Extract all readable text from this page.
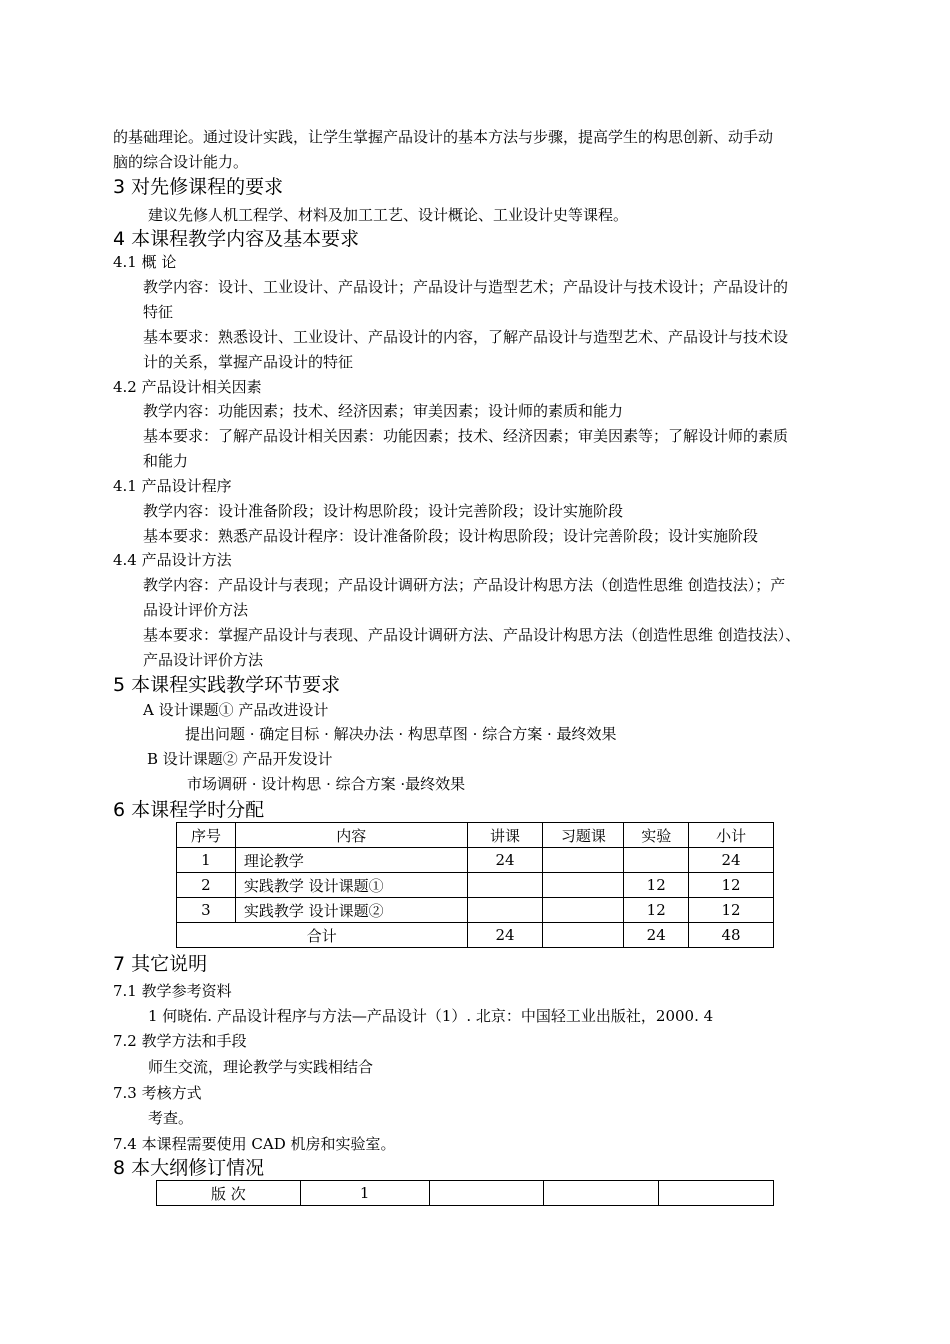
的基础理论。通过设计实践，让学生掌握产品设计的基本方法与步骤，提高学生的构思创新、动手动
脑的综合设计能力。
3 对先修课程的要求
建议先修人机工程学、材料及加工工艺、设计概论、工业设计史等课程。
4 本课程教学内容及基本要求
4.1 概 论
教学内容：设计、工业设计、产品设计；产品设计与造型艺术；产品设计与技术设计；产品设计的
特征
基本要求：熟悉设计、工业设计、产品设计的内容，了解产品设计与造型艺术、产品设计与技术设
计的关系，掌握产品设计的特征
4.2 产品设计相关因素
教学内容：功能因素；技术、经济因素；审美因素；设计师的素质和能力
基本要求：了解产品设计相关因素：功能因素；技术、经济因素；审美因素等；了解设计师的素质
和能力
4.1 产品设计程序
教学内容：设计准备阶段；设计构思阶段；设计完善阶段；设计实施阶段
基本要求：熟悉产品设计程序：设计准备阶段；设计构思阶段；设计完善阶段；设计实施阶段
4.4 产品设计方法
教学内容：产品设计与表现；产品设计调研方法；产品设计构思方法（创造性思维 创造技法）；产
品设计评价方法
基本要求：掌握产品设计与表现、产品设计调研方法、产品设计构思方法（创造性思维 创造技法）、
产品设计评价方法
5 本课程实践教学环节要求
A 设计课题① 产品改进设计
提出问题 · 确定目标 · 解决办法 · 构思草图 · 综合方案 · 最终效果
B 设计课题② 产品开发设计
市场调研 · 设计构思 · 综合方案 ·最终效果
6 本课程学时分配
序号	内容	讲课	习题课	实验	小计
1	理论教学	24			24
2	实践教学 设计课题①			12	12
3	实践教学 设计课题②			12	12
合计		24		24	48
7 其它说明
7.1 教学参考资料
1 何晓佑. 产品设计程序与方法—产品设计（1）. 北京：中国轻工业出版社，2000. 4
7.2 教学方法和手段
师生交流，理论教学与实践相结合
7.3 考核方式
考查。
7.4 本课程需要使用 CAD 机房和实验室。
8 本大纲修订情况
版 次	1			
